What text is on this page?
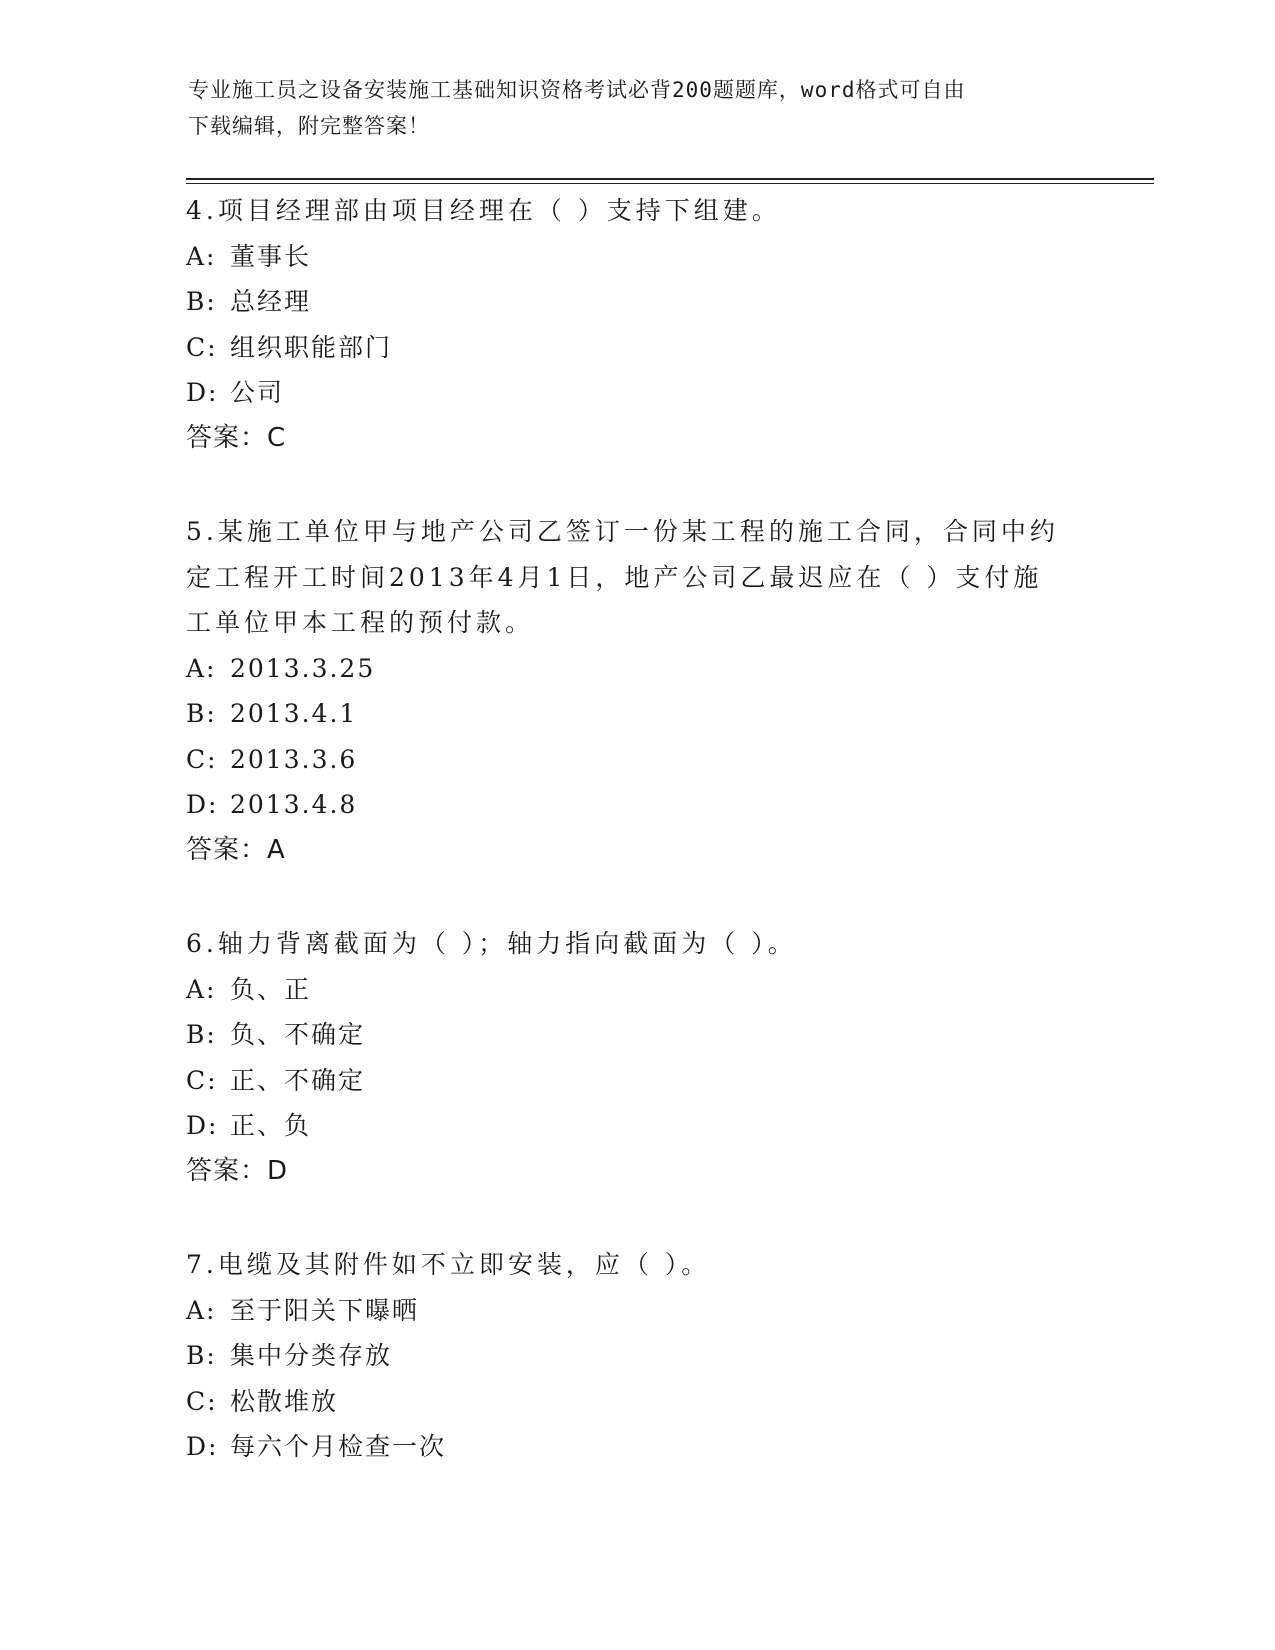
专业施工员之设备安装施工基础知识资格考试必背200题题库，word格式可自由
下载编辑，附完整答案！

4.项目经理部由项目经理在（ ）支持下组建。

A: 董事长

B: 总经理

C: 组织职能部门

D: 公司

答案：C

5.某施工单位甲与地产公司乙签订一份某工程的施工合同，合同中约定工程开工时间2013年4月1日，地产公司乙最迟应在（ ）支付施工单位甲本工程的预付款。

A: 2013.3.25

B: 2013.4.1

C: 2013.3.6

D: 2013.4.8

答案：A

6.轴力背离截面为（ ）；轴力指向截面为（ ）。

A: 负、正

B: 负、不确定

C: 正、不确定

D: 正、负

答案：D

7.电缆及其附件如不立即安装，应（ ）。

A: 至于阳关下曝晒

B: 集中分类存放

C: 松散堆放

D: 每六个月检查一次
